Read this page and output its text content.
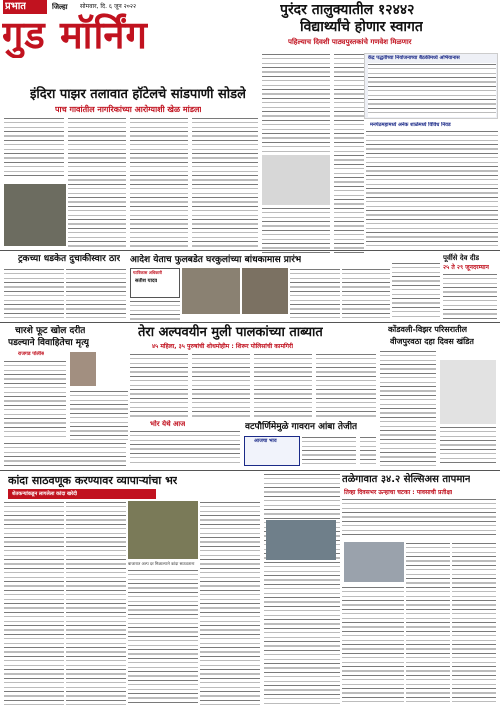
प्रभात	जिल्हा सोमवार, दि. ६ जून २०२२
गुड मॉर्निंग
पुरंदर तालुक्यातील १२४४२
विद्यार्थ्यांचे होणार स्वागत
पहिल्याच दिवशी पाठ्यपुस्तकांचे गणवेश मिळणार
केंद्र पद्धतीच्या नियोजनाच्या बैठकीमध्ये अभियानास
मनपेठमहामध्ये अनेक शाळेमध्ये विविध निवड
इंदिरा पाझर तलावात हॉटेलचे सांडपाणी सोडले
पाच गावांतील नागरिकांच्या आरोग्याशी खेळ मांडला
ट्रकच्या धडकेत दुचाकीस्वार ठार आदेश येताच फुलबडेत घरकुलांच्या बांधकामास प्रारंभ
गटविकास अधिकारी
सतीश यादव
पूर्वीसे देव दीड
२५ ते २९ जूनदरम्यान
चारशे फूट खोल दरीत
पडल्याने विवाहितेचा मृत्यू
राजगड पोलीस
तेरा अल्पवयीन मुली पालकांच्या ताब्यात
४५ महिला, ३५ पुरुषांची शोधमोहीम : शिरूर पोलिसांची कामगिरी
भोर येथे आज	वटपौर्णिमेमुळे गावरान आंबा तेजीत
आजचा भाव
कोंडवली-विझर परिसरातील
वीजपुरवठा दहा दिवस खंडित
कांदा साठवणूक करण्यावर व्यापाऱ्यांचा भर
शेतकऱ्यांकडून लागलेला कांदा खरेदी
बाजारात अल्प दर मिळाल्याने कांदा साठवताना
तळेगावात ३४.२ सेल्सिअस तापमान
तिव्हा दिवसभर ऊन्हाचा चटका : पावसाची प्रतीक्षा
